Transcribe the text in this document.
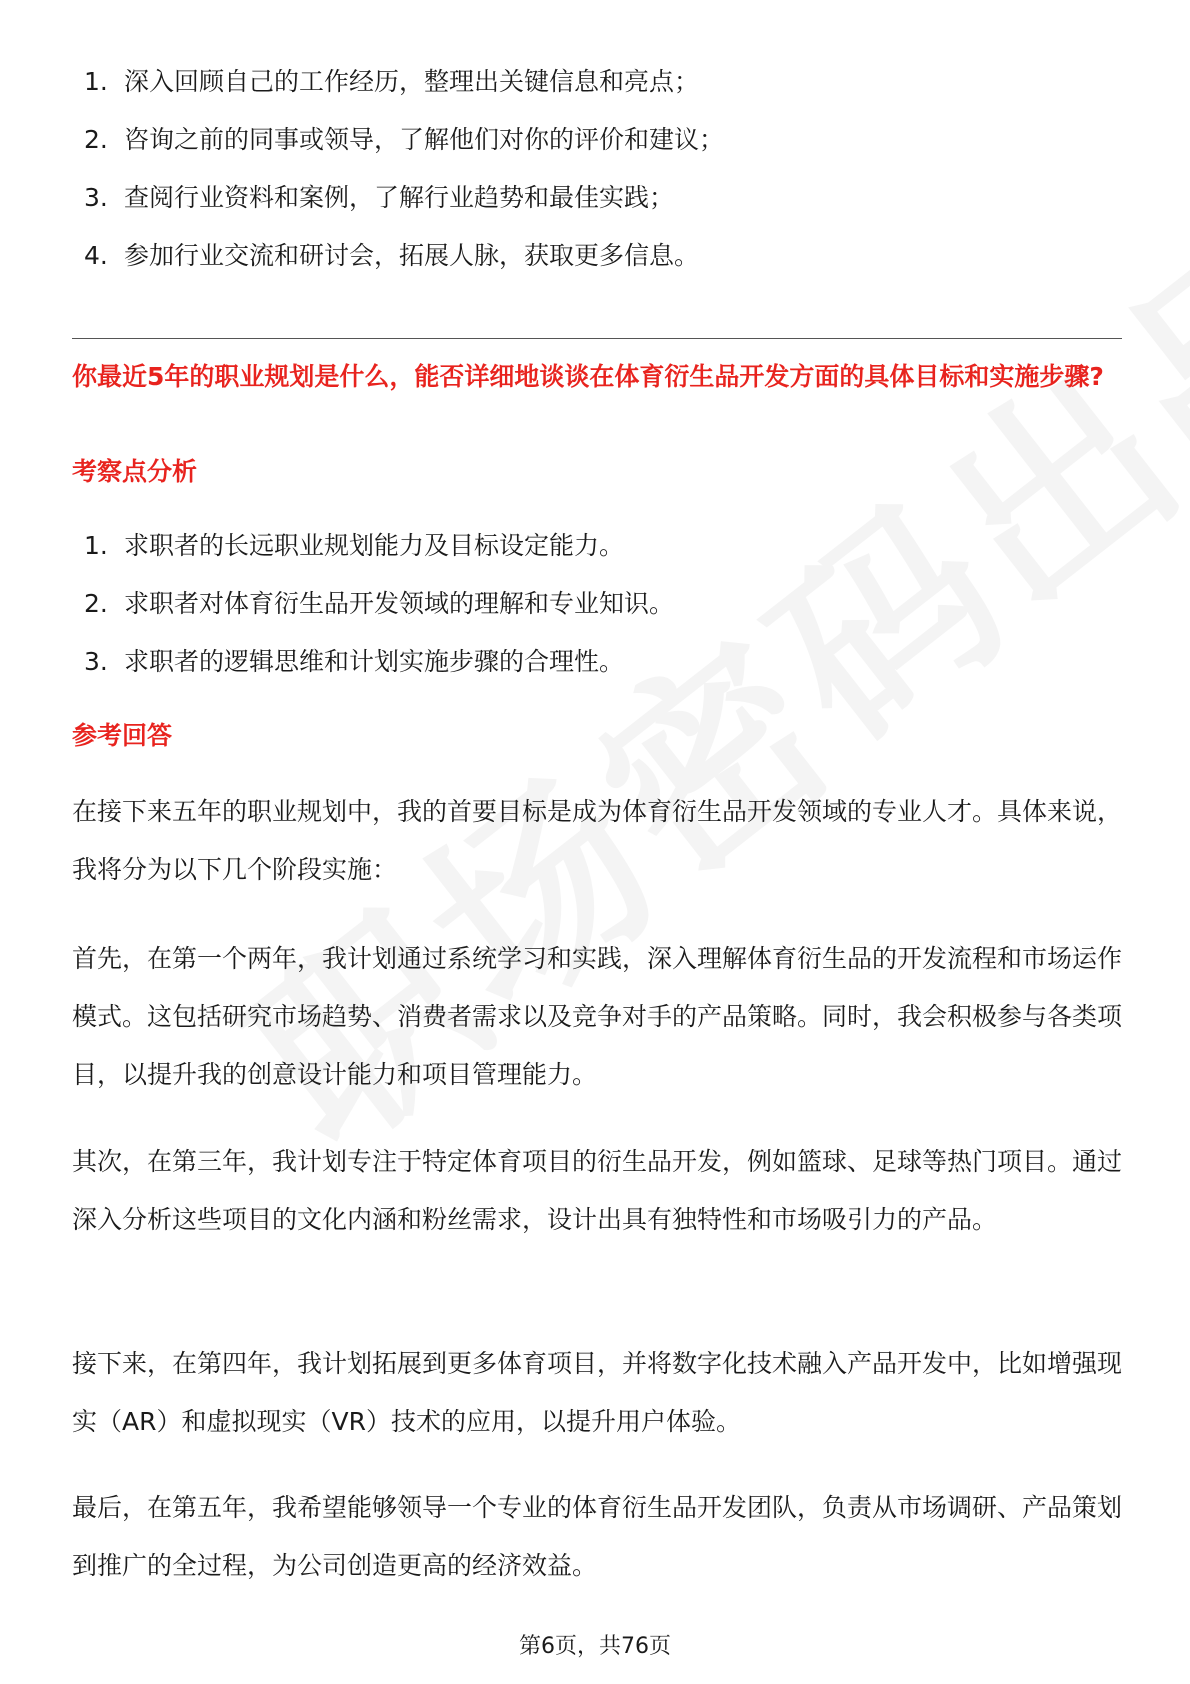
1. 深入回顾自己的工作经历，整理出关键信息和亮点；
2. 咨询之前的同事或领导，了解他们对你的评价和建议；
3. 查阅行业资料和案例，了解行业趋势和最佳实践；
4. 参加行业交流和研讨会，拓展人脉，获取更多信息。
你最近5年的职业规划是什么，能否详细地谈谈在体育衍生品开发方面的具体目标和实施步骤?
考察点分析
1. 求职者的长远职业规划能力及目标设定能力。
2. 求职者对体育衍生品开发领域的理解和专业知识。
3. 求职者的逻辑思维和计划实施步骤的合理性。
参考回答

在接下来五年的职业规划中，我的首要目标是成为体育衍生品开发领域的专业人才。具体来说，我将分为以下几个阶段实施：

首先，在第一个两年，我计划通过系统学习和实践，深入理解体育衍生品的开发流程和市场运作模式。这包括研究市场趋势、消费者需求以及竞争对手的产品策略。同时，我会积极参与各类项目，以提升我的创意设计能力和项目管理能力。

其次，在第三年，我计划专注于特定体育项目的衍生品开发，例如篮球、足球等热门项目。通过深入分析这些项目的文化内涵和粉丝需求，设计出具有独特性和市场吸引力的产品。

接下来，在第四年，我计划拓展到更多体育项目，并将数字化技术融入产品开发中，比如增强现实（AR）和虚拟现实（VR）技术的应用，以提升用户体验。

最后，在第五年，我希望能够领导一个专业的体育衍生品开发团队，负责从市场调研、产品策划到推广的全过程，为公司创造更高的经济效益。

第6页，共76页
